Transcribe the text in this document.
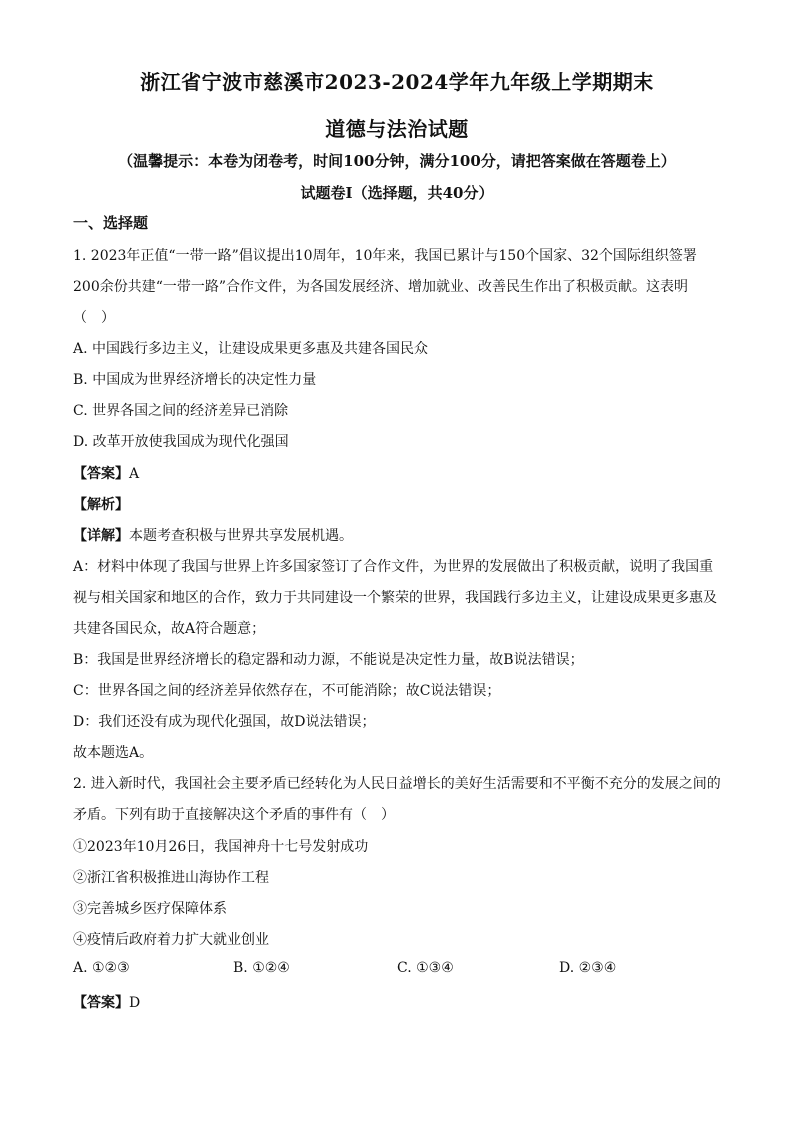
浙江省宁波市慈溪市2023-2024学年九年级上学期期末
道德与法治试题
（温馨提示：本卷为闭卷考，时间100分钟，满分100分，请把答案做在答题卷上）
试题卷Ⅰ（选择题，共40分）
一、选择题
1. 2023年正值“一带一路”倡议提出10周年，10年来，我国已累计与150个国家、32个国际组织签署
200余份共建“一带一路”合作文件，为各国发展经济、增加就业、改善民生作出了积极贡献。这表明
（　）
A. 中国践行多边主义，让建设成果更多惠及共建各国民众
B. 中国成为世界经济增长的决定性力量
C. 世界各国之间的经济差异已消除
D. 改革开放使我国成为现代化强国
【答案】A
【解析】
【详解】本题考查积极与世界共享发展机遇。
A：材料中体现了我国与世界上许多国家签订了合作文件，为世界的发展做出了积极贡献，说明了我国重
视与相关国家和地区的合作，致力于共同建设一个繁荣的世界，我国践行多边主义，让建设成果更多惠及
共建各国民众，故A符合题意；
B：我国是世界经济增长的稳定器和动力源，不能说是决定性力量，故B说法错误；
C：世界各国之间的经济差异依然存在，不可能消除；故C说法错误；
D：我们还没有成为现代化强国，故D说法错误；
故本题选A。
2. 进入新时代，我国社会主要矛盾已经转化为人民日益增长的美好生活需要和不平衡不充分的发展之间的
矛盾。下列有助于直接解决这个矛盾的事件有（　）
①2023年10月26日，我国神舟十七号发射成功
②浙江省积极推进山海协作工程
③完善城乡医疗保障体系
④疫情后政府着力扩大就业创业
A. ①②③	B. ①②④	C. ①③④	D. ②③④
【答案】D
